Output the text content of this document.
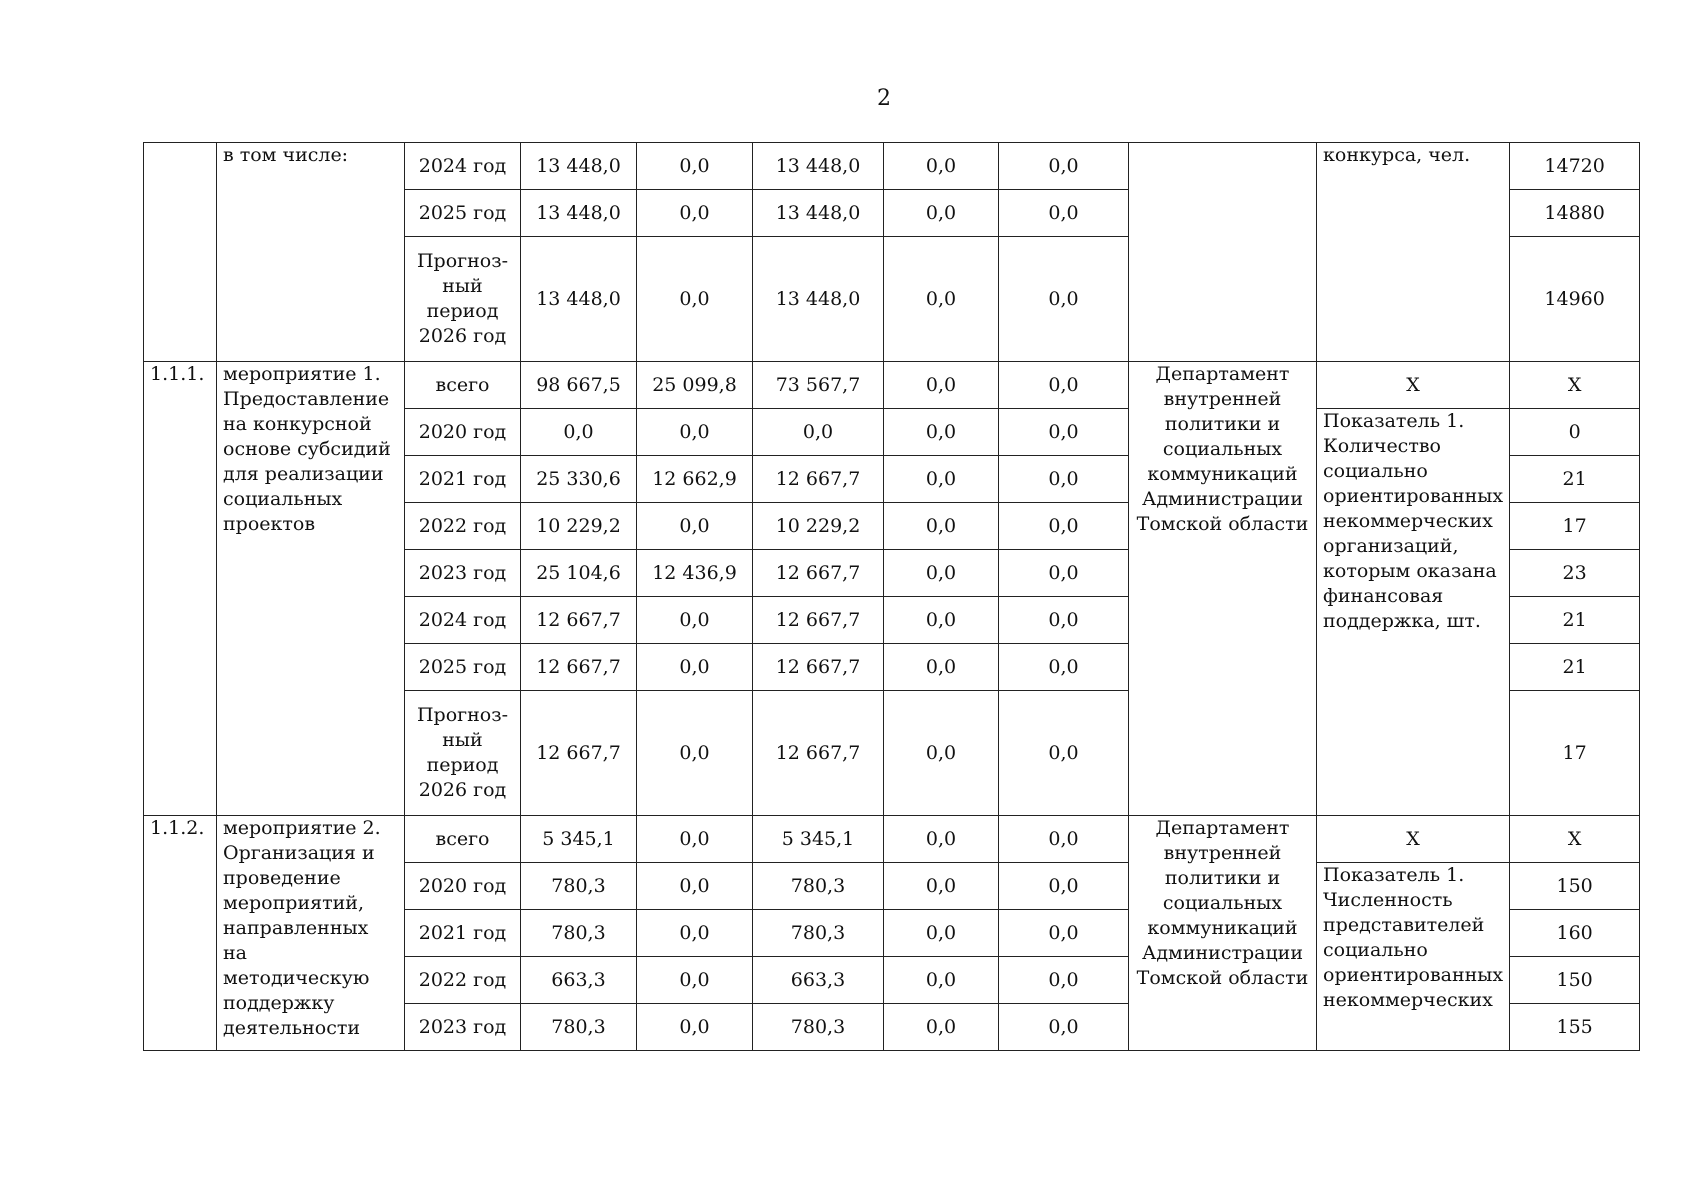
2
	в том числе:	2024 год	13 448,0	0,0	13 448,0	0,0	0,0		конкурса, чел.	14720
		2025 год	13 448,0	0,0	13 448,0	0,0	0,0			14880
		Прогноз-ный период 2026 год	13 448,0	0,0	13 448,0	0,0	0,0			14960
1.1.1.	мероприятие 1. Предоставление на конкурсной основе субсидий для реализации социальных проектов	всего	98 667,5	25 099,8	73 567,7	0,0	0,0	Департамент внутренней политики и социальных коммуникаций Администрации Томской области	Х	Х
		2020 год	0,0	0,0	0,0	0,0	0,0		Показатель 1. Количество социально ориентированных некоммерческих организаций, которым оказана финансовая поддержка, шт.	0
		2021 год	25 330,6	12 662,9	12 667,7	0,0	0,0			21
		2022 год	10 229,2	0,0	10 229,2	0,0	0,0			17
		2023 год	25 104,6	12 436,9	12 667,7	0,0	0,0			23
		2024 год	12 667,7	0,0	12 667,7	0,0	0,0			21
		2025 год	12 667,7	0,0	12 667,7	0,0	0,0			21
		Прогноз-ный период 2026 год	12 667,7	0,0	12 667,7	0,0	0,0			17
1.1.2.	мероприятие 2. Организация и проведение мероприятий, направленных на методическую поддержку деятельности	всего	5 345,1	0,0	5 345,1	0,0	0,0	Департамент внутренней политики и социальных коммуникаций Администрации Томской области	Х	Х
		2020 год	780,3	0,0	780,3	0,0	0,0		Показатель 1. Численность представителей социально ориентированных некоммерческих	150
		2021 год	780,3	0,0	780,3	0,0	0,0			160
		2022 год	663,3	0,0	663,3	0,0	0,0			150
		2023 год	780,3	0,0	780,3	0,0	0,0			155
